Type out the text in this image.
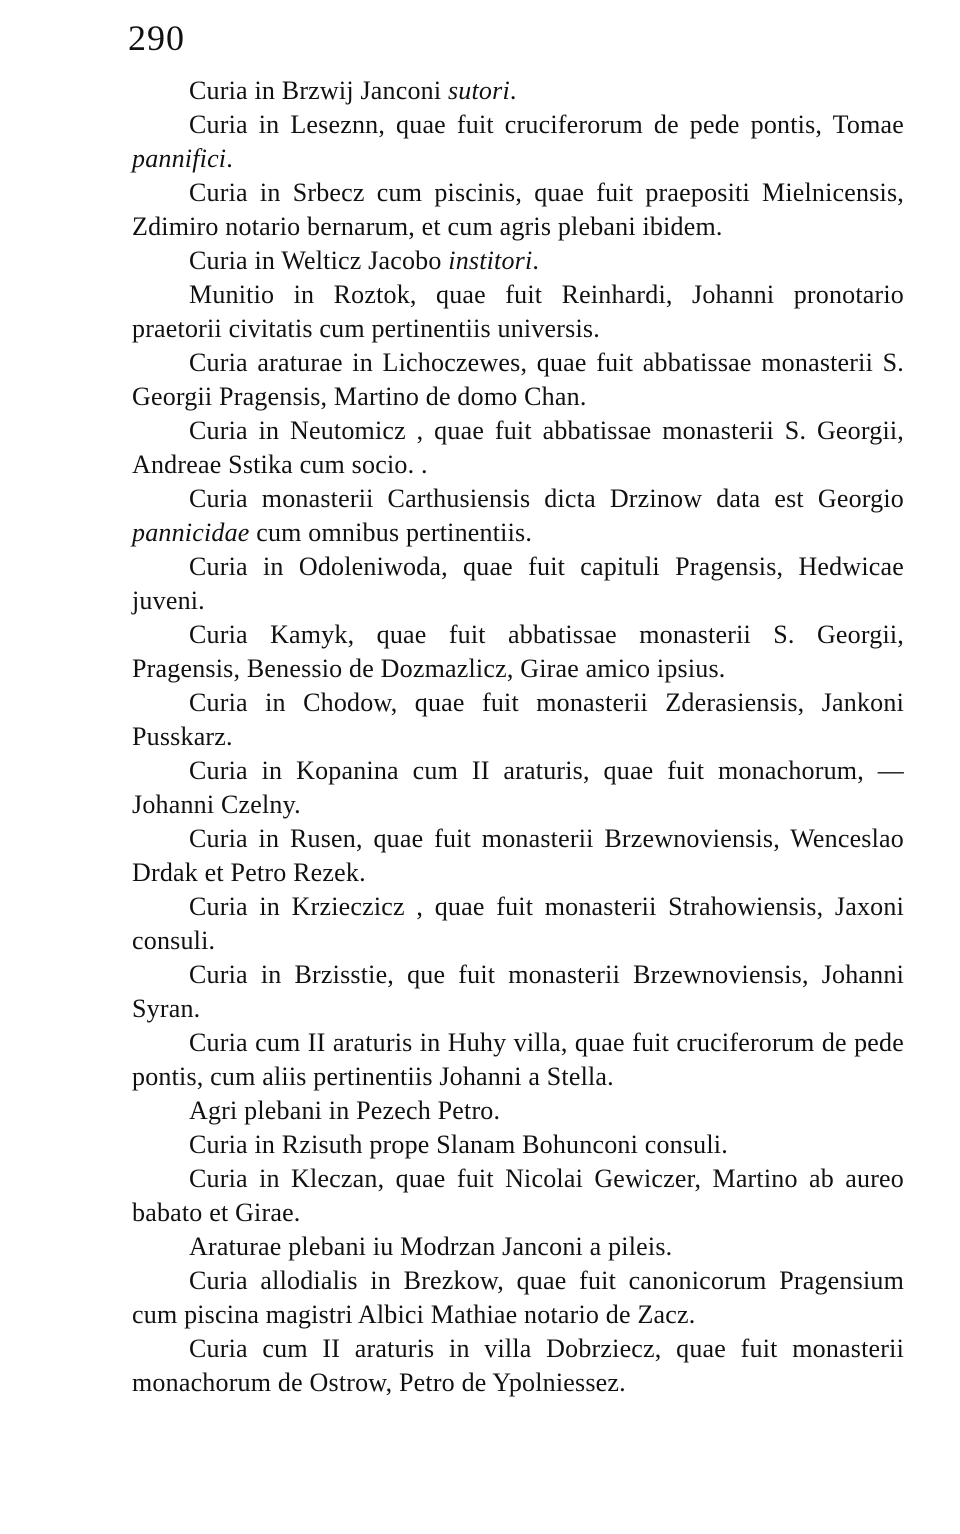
290

Curia in Brzwij Janconi sutori.

Curia in Leseznn, quae fuit cruciferorum de pede pontis, Tomae pannifici.

Curia in Srbecz cum piscinis, quae fuit praepositi Mielnicensis, Zdimiro notario bernarum, et cum agris plebani ibidem.

Curia in Welticz Jacobo institori.

Munitio in Roztok, quae fuit Reinhardi, Johanni pronotario praetorii civitatis cum pertinentiis universis.

Curia araturae in Lichoczewes, quae fuit abbatissae monasterii S. Georgii Pragensis, Martino de domo Chan.

Curia in Neutomicz , quae fuit abbatissae monasterii S. Georgii, Andreae Sstika cum socio. .

Curia monasterii Carthusiensis dicta Drzinow data est Georgio pannicidae cum omnibus pertinentiis.

Curia in Odoleniwoda, quae fuit capituli Pragensis, Hedwicae juveni.

Curia Kamyk, quae fuit abbatissae monasterii S. Georgii, Pragensis, Benessio de Dozmazlicz, Girae amico ipsius.

Curia in Chodow, quae fuit monasterii Zderasiensis, Jankoni Pusskarz.

Curia in Kopanina cum II araturis, quae fuit monachorum, — Johanni Czelny.

Curia in Rusen, quae fuit monasterii Brzewnoviensis, Wenceslao Drdak et Petro Rezek.

Curia in Krzieczicz , quae fuit monasterii Strahowiensis, Jaxoni consuli.

Curia in Brzisstie, que fuit monasterii Brzewnoviensis, Johanni Syran.

Curia cum II araturis in Huhy villa, quae fuit cruciferorum de pede pontis, cum aliis pertinentiis Johanni a Stella.

Agri plebani in Pezech Petro.

Curia in Rzisuth prope Slanam Bohunconi consuli.

Curia in Kleczan, quae fuit Nicolai Gewiczer, Martino ab aureo babato et Girae.

Araturae plebani iu Modrzan Janconi a pileis.

Curia allodialis in Brezkow, quae fuit canonicorum Pragensium cum piscina magistri Albici Mathiae notario de Zacz.

Curia cum II araturis in villa Dobrziecz, quae fuit monasterii monachorum de Ostrow, Petro de Ypolniessez.
